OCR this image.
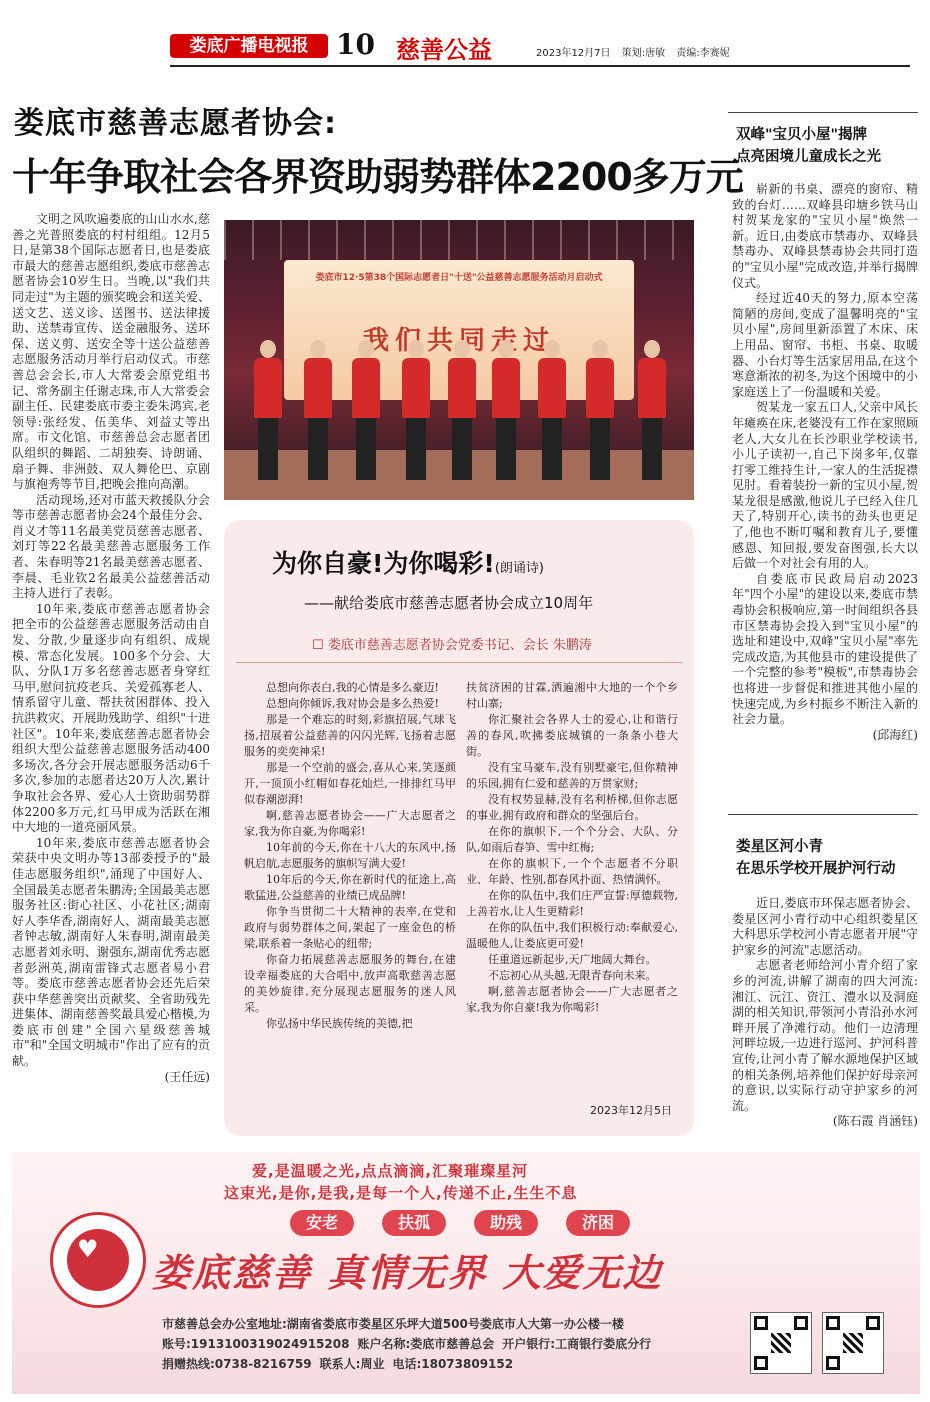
娄底广播电视报 10 慈善公益	2023年12月7日 策划:唐敏 责编:李赛妮
娄底市慈善志愿者协会:
十年争取社会各界资助弱势群体2200多万元

文明之风吹遍娄底的山山水水,慈善之光普照娄底的村村组组。12月5日,是第38个国际志愿者日,也是娄底市最大的慈善志愿组织,娄底市慈善志愿者协会10岁生日。当晚,以"我们共同走过"为主题的颁奖晚会和送关爱、送文艺、送义诊、送图书、送法律援助、送禁毒宣传、送金融服务、送环保、送义剪、送安全等十送公益慈善志愿服务活动月举行启动仪式。市慈善总会会长,市人大常委会原党组书记、常务副主任谢志珠,市人大常委会副主任、民建娄底市委主委朱鸿宾,老领导:张经发、伍美华、刘益丈等出席。市文化馆、市慈善总会志愿者团队组织的舞蹈、二胡独奏、诗朗诵、扇子舞、非洲鼓、双人舞伦巴、京剧与旗袍秀等节目,把晚会推向高潮。

活动现场,还对市蓝天救援队分会等市慈善志愿者协会24个最佳分会、肖义才等11名最美党员慈善志愿者、刘玎等22名最美慈善志愿服务工作者、朱春明等21名最美慈善志愿者、李晨、毛业钦2名最美公益慈善活动主持人进行了表彰。

10年来,娄底市慈善志愿者协会把全市的公益慈善志愿服务活动由自发、分散,少量逐步向有组织、成规模、常态化发展。100多个分会、大队、分队1万多名慈善志愿者身穿红马甲,慰问抗疫老兵、关爱孤寡老人、情系留守儿童、帮扶贫困群体、投入抗洪救灾、开展助残助学、组织"十进社区"。10年来,娄底慈善志愿者协会组织大型公益慈善志愿服务活动400多场次,各分会开展志愿服务活动6千多次,参加的志愿者达20万人次,累计争取社会各界、爱心人士资助弱势群体2200多万元,红马甲成为活跃在湘中大地的一道亮丽风景。

10年来,娄底市慈善志愿者协会荣获中央文明办等13部委授予的"最佳志愿服务组织",涌现了中国好人、全国最美志愿者朱鹏涛;全国最美志愿服务社区:街心社区、小花社区;湖南好人李华香,湖南好人、湖南最美志愿者钟志敏,湖南好人朱春明,湖南最美志愿者刘永明、谢强东,湖南优秀志愿者彭洲英,湖南雷锋式志愿者易小君等。娄底市慈善志愿者协会还先后荣获中华慈善突出贡献奖、全省助残先进集体、湖南慈善奖最具爱心楷模,为娄底市创建"全国六星级慈善城市"和"全国文明城市"作出了应有的贡献。

(王任远)
娄底市12·5第38个国际志愿者日"十送"公益慈善志愿服务活动月启动式
为你自豪!为你喝彩!(朗诵诗)
——献给娄底市慈善志愿者协会成立10周年
☐ 娄底市慈善志愿者协会党委书记、会长 朱鹏涛

总想向你表白,我的心情是多么豪迈!

总想向你倾诉,我对协会是多么热爱!

那是一个难忘的时刻,彩旗招展,气球飞扬,招展着公益慈善的闪闪光辉,飞扬着志愿服务的奕奕神采!

那是一个空前的盛会,喜从心来,笑逐颜开,一顶顶小红帽如春花灿烂,一排排红马甲似春潮澎湃!

啊,慈善志愿者协会——广大志愿者之家,我为你自豪,为你喝彩!

10年前的今天,你在十八大的东风中,扬帆启航,志愿服务的旗帜写满大爱!

10年后的今天,你在新时代的征途上,高歌猛进,公益慈善的业绩已成品牌!

你争当贯彻二十大精神的表率,在党和政府与弱势群体之间,架起了一座金色的桥梁,联系着一条贴心的纽带;

你奋力拓展慈善志愿服务的舞台,在建设幸福娄底的大合唱中,放声高歌慈善志愿的美妙旋律,充分展现志愿服务的迷人风采。

你弘扬中华民族传统的美德,把

扶贫济困的甘霖,洒遍湘中大地的一个个乡村山寨;

你汇聚社会各界人士的爱心,让和谐行善的春风,吹拂娄底城镇的一条条小巷大街。

没有宝马豪车,没有别墅豪宅,但你精神的乐园,拥有仁爱和慈善的万贯家财;

没有权势显赫,没有名利桥梯,但你志愿的事业,拥有政府和群众的坚强后台。

在你的旗帜下,一个个分会、大队、分队,如雨后春笋、雪中红梅;

在你的旗帜下,一个个志愿者不分职业、年龄、性别,都春风扑面、热情满怀。

在你的队伍中,我们庄严宣誓:厚德载物,上善若水,让人生更精彩!

在你的队伍中,我们积极行动:奉献爱心,温暖他人,让娄底更可爱!

任重道远新起步,天广地阔大舞台。

不忘初心从头越,无限青春向未来。

啊,慈善志愿者协会——广大志愿者之家,我为你自豪!我为你喝彩!

2023年12月5日
双峰"宝贝小屋"揭牌
点亮困境儿童成长之光

崭新的书桌、漂亮的窗帘、精致的台灯……双峰县印塘乡铁马山村贺某龙家的"宝贝小屋"焕然一新。近日,由娄底市禁毒办、双峰县禁毒办、双峰县禁毒协会共同打造的"宝贝小屋"完成改造,并举行揭牌仪式。

经过近40天的努力,原本空荡简陋的房间,变成了温馨明亮的"宝贝小屋",房间里新添置了木床、床上用品、窗帘、书柜、书桌、取暖器、小台灯等生活家居用品,在这个寒意渐浓的初冬,为这个困境中的小家庭送上了一份温暖和关爱。

贺某龙一家五口人,父亲中风长年瘫痪在床,老婆没有工作在家照顾老人,大女儿在长沙职业学校读书,小儿子读初一,自己下岗多年,仅靠打零工维持生计,一家人的生活捉襟见肘。看着装扮一新的宝贝小屋,贺某龙很是感激,他说儿子已经入住几天了,特别开心,读书的劲头也更足了,他也不断叮嘱和教育儿子,要懂感恩、知回报,要发奋图强,长大以后做一个对社会有用的人。

自娄底市民政局启动2023年"四个小屋"的建设以来,娄底市禁毒协会积极响应,第一时间组织各县市区禁毒协会投入到"宝贝小屋"的选址和建设中,双峰"宝贝小屋"率先完成改造,为其他县市的建设提供了一个完整的参考"模板",市禁毒协会也将进一步督促和推进其他小屋的快速完成,为乡村振乡不断注入新的社会力量。

(邱海红)
娄星区河小青
在思乐学校开展护河行动

近日,娄底市环保志愿者协会、娄星区河小青行动中心组织娄星区大科思乐学校河小青志愿者开展"守护家乡的河流"志愿活动。

志愿者老师给河小青介绍了家乡的河流,讲解了湖南的四大河流:湘江、沅江、资江、澧水以及洞庭湖的相关知识,带领河小青沿孙水河畔开展了净滩行动。他们一边清理河畔垃圾,一边进行巡河、护河科普宣传,让河小青了解水源地保护区域的相关条例,培养他们保护好母亲河的意识,以实际行动守护家乡的河流。

(陈石霞 肖涵钰)
爱,是温暖之光,点点滴滴,汇聚璀璨星河
这束光,是你,是我,是每一个人,传递不止,生生不息
安老	扶孤	助残	济困
♥
娄底慈善 真情无界 大爱无边
市慈善总会办公室地址:湖南省娄底市娄星区乐坪大道500号娄底市人大第一办公楼一楼
账号:1913100319024915208 账户名称:娄底市慈善总会 开户银行:工商银行娄底分行
捐赠热线:0738-8216759 联系人:周业 电话:18073809152
